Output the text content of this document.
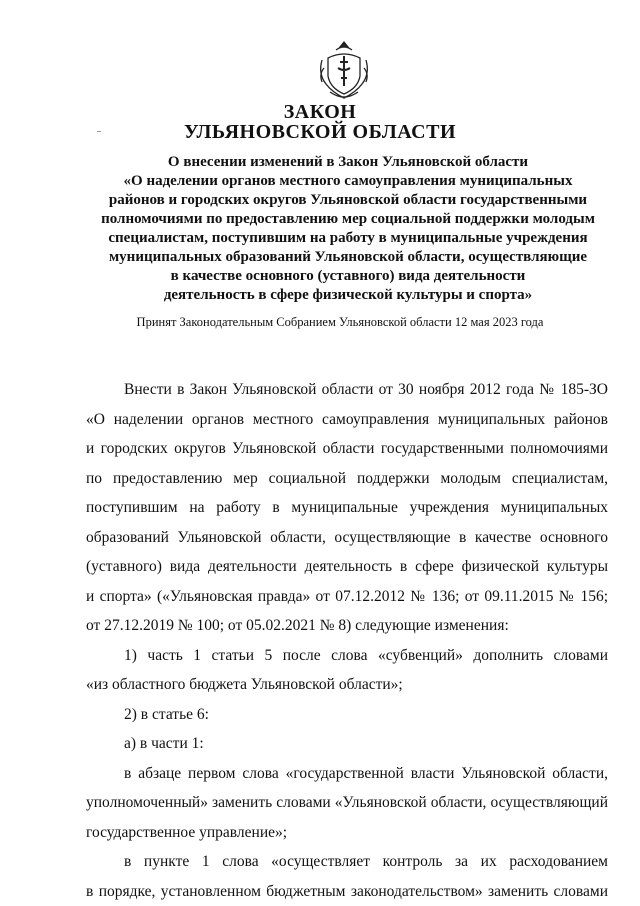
ЗАКОН
УЛЬЯНОВСКОЙ ОБЛАСТИ
О внесении изменений в Закон Ульяновской области
«О наделении органов местного самоуправления муниципальных
районов и городских округов Ульяновской области государственными
полномочиями по предоставлению мер социальной поддержки молодым
специалистам, поступившим на работу в муниципальные учреждения
муниципальных образований Ульяновской области, осуществляющие
в качестве основного (уставного) вида деятельности
деятельность в сфере физической культуры и спорта»
Принят Законодательным Собранием Ульяновской области 12 мая 2023 года
Внести в Закон Ульяновской области от 30 ноября 2012 года № 185-ЗО
«О наделении органов местного самоуправления муниципальных районов
и городских округов Ульяновской области государственными полномочиями
по предоставлению мер социальной поддержки молодым специалистам,
поступившим на работу в муниципальные учреждения муниципальных
образований Ульяновской области, осуществляющие в качестве основного
(уставного) вида деятельности деятельность в сфере физической культуры
и спорта» («Ульяновская правда» от 07.12.2012 № 136; от 09.11.2015 № 156;
от 27.12.2019 № 100; от 05.02.2021 № 8) следующие изменения:
1) часть 1 статьи 5 после слова «субвенций» дополнить словами
«из областного бюджета Ульяновской области»;
2) в статье 6:
а) в части 1:
в абзаце первом слова «государственной власти Ульяновской области,
уполномоченный» заменить словами «Ульяновской области, осуществляющий
государственное управление»;
в пункте 1 слова «осуществляет контроль за их расходованием
в порядке, установленном бюджетным законодательством» заменить словами
